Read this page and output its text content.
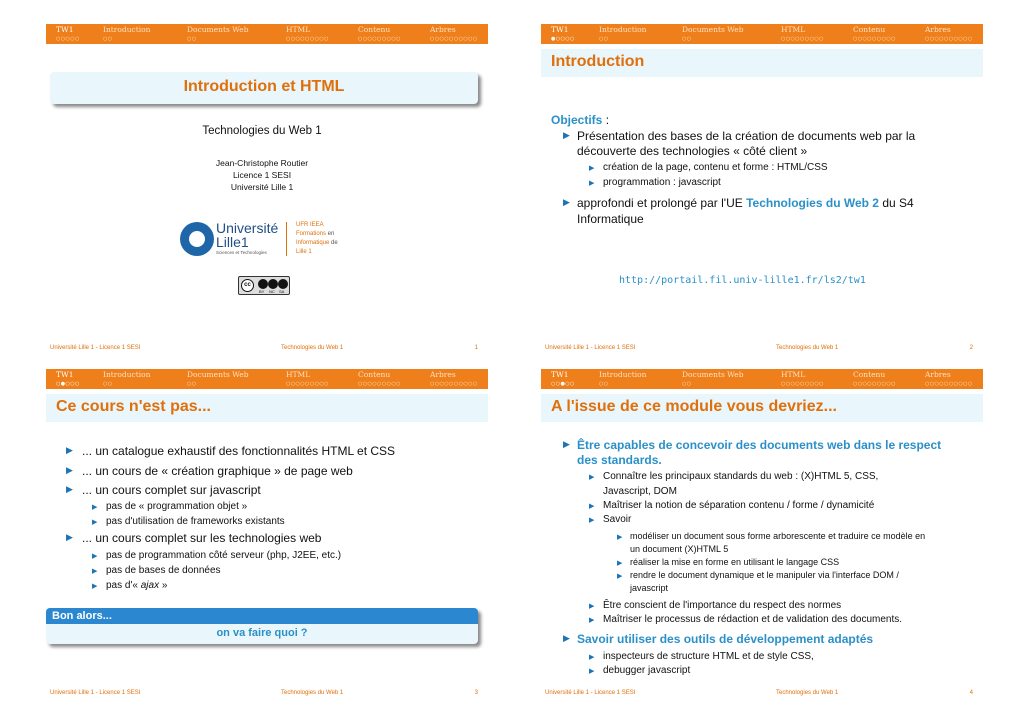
TW1	Introduction	Documents Web	HTML	Contenu	Arbres
○○○○○	○○	○○	○○○○○○○○○	○○○○○○○○○	○○○○○○○○○○
Introduction et HTML
Technologies du Web 1
Jean-Christophe Routier
Licence 1 SESI
Université Lille 1
Université
Lille1
Sciences et Technologies
UFR IEEA
Formations en
Informatique de
Lille 1
cc
BY NC SA
Université Lille 1 - Licence 1 SESI	Technologies du Web 1	1
TW1	Introduction	Documents Web	HTML	Contenu	Arbres
●○○○○	○○	○○	○○○○○○○○○	○○○○○○○○○	○○○○○○○○○○
Introduction
Objectifs :
▶ Présentation des bases de la création de documents web par la
découverte des technologies « côté client »
▶ création de la page, contenu et forme : HTML/CSS
▶ programmation : javascript
▶ approfondi et prolongé par l'UE Technologies du Web 2 du S4
Informatique
http://portail.fil.univ-lille1.fr/ls2/tw1
Université Lille 1 - Licence 1 SESI	Technologies du Web 1	2
TW1	Introduction	Documents Web	HTML	Contenu	Arbres
○●○○○	○○	○○	○○○○○○○○○	○○○○○○○○○	○○○○○○○○○○
Ce cours n'est pas...
▶ ... un catalogue exhaustif des fonctionnalités HTML et CSS
▶ ... un cours de « création graphique » de page web
▶ ... un cours complet sur javascript
▶ pas de « programmation objet »
▶ pas d'utilisation de frameworks existants
▶ ... un cours complet sur les technologies web
▶ pas de programmation côté serveur (php, J2EE, etc.)
▶ pas de bases de données
▶ pas d'« ajax »
Bon alors...
on va faire quoi ?
Université Lille 1 - Licence 1 SESI	Technologies du Web 1	3
TW1	Introduction	Documents Web	HTML	Contenu	Arbres
○○●○○	○○	○○	○○○○○○○○○	○○○○○○○○○	○○○○○○○○○○
A l'issue de ce module vous devriez...
▶ Être capables de concevoir des documents web dans le respect
des standards.
▶ Connaître les principaux standards du web : (X)HTML 5, CSS,
Javascript, DOM
▶ Maîtriser la notion de séparation contenu / forme / dynamicité
▶ Savoir
▶ modéliser un document sous forme arborescente et traduire ce modèle en
un document (X)HTML 5
▶ réaliser la mise en forme en utilisant le langage CSS
▶ rendre le document dynamique et le manipuler via l'interface DOM /
javascript
▶ Être conscient de l'importance du respect des normes
▶ Maîtriser le processus de rédaction et de validation des documents.
▶ Savoir utiliser des outils de développement adaptés
▶ inspecteurs de structure HTML et de style CSS,
▶ debugger javascript
Université Lille 1 - Licence 1 SESI	Technologies du Web 1	4
